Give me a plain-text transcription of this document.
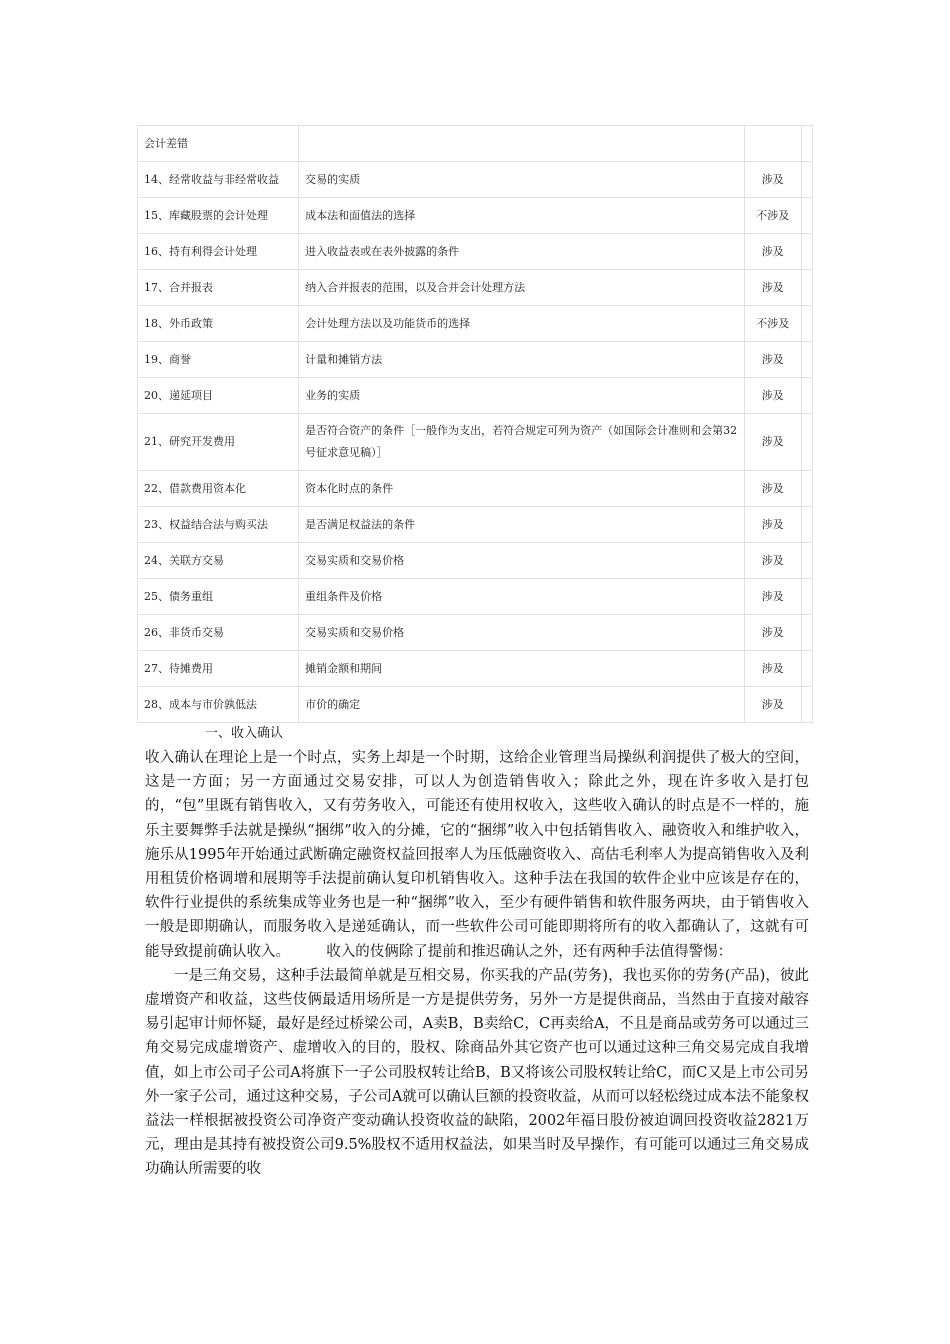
会计差错			
14、经常收益与非经常收益	交易的实质	涉及	
15、库藏股票的会计处理	成本法和面值法的选择	不涉及	
16、持有利得会计处理	进入收益表或在表外披露的条件	涉及	
17、合并报表	纳入合并报表的范围，以及合并会计处理方法	涉及	
18、外币政策	会计处理方法以及功能货币的选择	不涉及	
19、商誉	计量和摊销方法	涉及	
20、递延项目	业务的实质	涉及	
21、研究开发费用	是否符合资产的条件［一般作为支出，若符合规定可列为资产（如国际会计准则和会第32号征求意见稿）］	涉及	
22、借款费用资本化	资本化时点的条件	涉及	
23、权益结合法与购买法	是否满足权益法的条件	涉及	
24、关联方交易	交易实质和交易价格	涉及	
25、债务重组	重组条件及价格	涉及	
26、非货币交易	交易实质和交易价格	涉及	
27、待摊费用	摊销金额和期间	涉及	
28、成本与市价孰低法	市价的确定	涉及	
一、收入确认

收入确认在理论上是一个时点，实务上却是一个时期，这给企业管理当局操纵利润提供了极大的空间，这是一方面；另一方面通过交易安排，可以人为创造销售收入；除此之外，现在许多收入是打包的，“包”里既有销售收入，又有劳务收入，可能还有使用权收入，这些收入确认的时点是不一样的，施乐主要舞弊手法就是操纵“捆绑”收入的分摊，它的“捆绑”收入中包括销售收入、融资收入和维护收入，施乐从1995年开始通过武断确定融资权益回报率人为压低融资收入、高估毛利率人为提高销售收入及利用租赁价格调增和展期等手法提前确认复印机销售收入。这种手法在我国的软件企业中应该是存在的，软件行业提供的系统集成等业务也是一种“捆绑”收入，至少有硬件销售和软件服务两块，由于销售收入一般是即期确认，而服务收入是递延确认，而一些软件公司可能即期将所有的收入都确认了，这就有可能导致提前确认收入。　　　收入的伎俩除了提前和推迟确认之外，还有两种手法值得警惕：

一是三角交易，这种手法最简单就是互相交易，你买我的产品(劳务)，我也买你的劳务(产品)，彼此虚增资产和收益，这些伎俩最适用场所是一方是提供劳务，另外一方是提供商品，当然由于直接对敲容易引起审计师怀疑，最好是经过桥梁公司，A卖B，B卖给C，C再卖给A，不且是商品或劳务可以通过三角交易完成虚增资产、虚增收入的目的，股权、除商品外其它资产也可以通过这种三角交易完成自我增值，如上市公司子公司A将旗下一子公司股权转让给B，B又将该公司股权转让给C，而C又是上市公司另外一家子公司，通过这种交易，子公司A就可以确认巨额的投资收益，从而可以轻松绕过成本法不能象权益法一样根据被投资公司净资产变动确认投资收益的缺陷，2002年福日股份被迫调回投资收益2821万元，理由是其持有被投资公司9.5%股权不适用权益法，如果当时及早操作，有可能可以通过三角交易成功确认所需要的收
